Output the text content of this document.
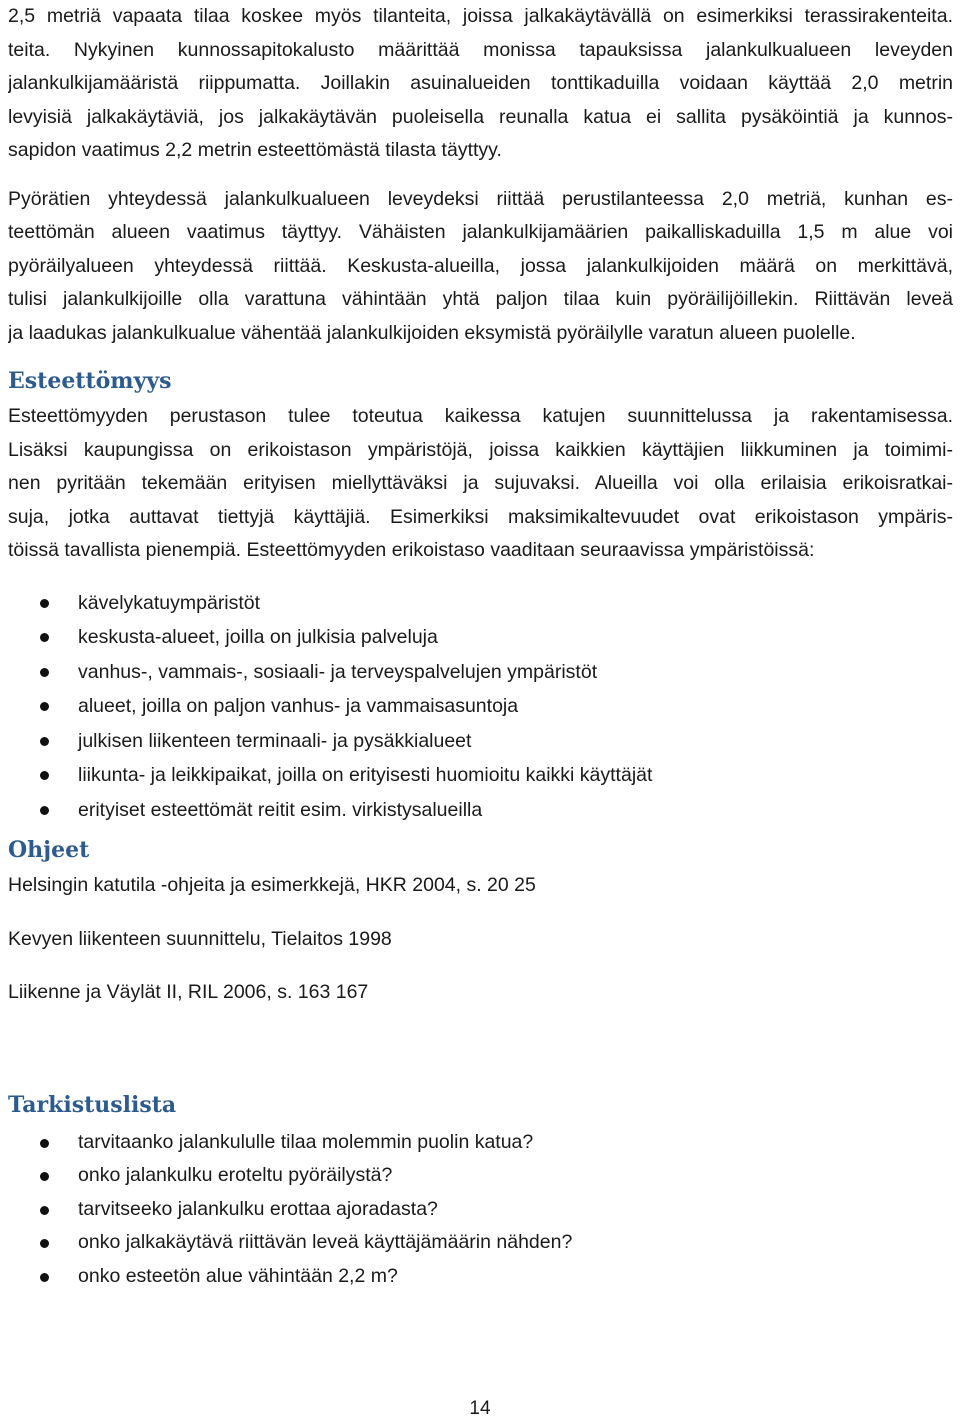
2,5 metriä vapaata tilaa koskee myös tilanteita, joissa jalkakäytävällä on esimerkiksi terassirakenteita.
teita. Nykyinen kunnossapitokalusto määrittää monissa tapauksissa jalankulkualueen leveyden
jalankulkijamääristä riippumatta. Joillakin asuinalueiden tonttikaduilla voidaan käyttää 2,0 metrin
levyisiä jalkakäytäviä, jos jalkakäytävän puoleisella reunalla katua ei sallita pysäköintiä ja kunnos-
sapidon vaatimus 2,2 metrin esteettömästä tilasta täyttyy.
Pyörätien yhteydessä jalankulkualueen leveydeksi riittää perustilanteessa 2,0 metriä, kunhan es-
teettömän alueen vaatimus täyttyy. Vähäisten jalankulkijamäärien paikalliskaduilla 1,5 m alue voi
pyöräilyalueen yhteydessä riittää. Keskusta-alueilla, jossa jalankulkijoiden määrä on merkittävä,
tulisi jalankulkijoille olla varattuna vähintään yhtä paljon tilaa kuin pyöräilijöillekin. Riittävän leveä
ja laadukas jalankulkualue vähentää jalankulkijoiden eksymistä pyöräilylle varatun alueen puolelle.
Esteettömyys
Esteettömyyden perustason tulee toteutua kaikessa katujen suunnittelussa ja rakentamisessa.
Lisäksi kaupungissa on erikoistason ympäristöjä, joissa kaikkien käyttäjien liikkuminen ja toimimi-
nen pyritään tekemään erityisen miellyttäväksi ja sujuvaksi. Alueilla voi olla erilaisia erikoisratkai-
suja, jotka auttavat tiettyjä käyttäjiä. Esimerkiksi maksimikaltevuudet ovat erikoistason ympäris-
töissä tavallista pienempiä. Esteettömyyden erikoistaso vaaditaan seuraavissa ympäristöissä:
kävelykatuympäristöt
keskusta-alueet, joilla on julkisia palveluja
vanhus-, vammais-, sosiaali- ja terveyspalvelujen ympäristöt
alueet, joilla on paljon vanhus- ja vammaisasuntoja
julkisen liikenteen terminaali- ja pysäkkialueet
liikunta- ja leikkipaikat, joilla on erityisesti huomioitu kaikki käyttäjät
erityiset esteettömät reitit esim. virkistysalueilla
Ohjeet
Helsingin katutila -ohjeita ja esimerkkejä, HKR 2004, s. 20 25
Kevyen liikenteen suunnittelu, Tielaitos 1998
Liikenne ja Väylät II, RIL 2006, s. 163 167
Tarkistuslista
tarvitaanko jalankululle tilaa molemmin puolin katua?
onko jalankulku eroteltu pyöräilystä?
tarvitseeko jalankulku erottaa ajoradasta?
onko jalkakäytävä riittävän leveä käyttäjämäärin nähden?
onko esteetön alue vähintään 2,2 m?
14
